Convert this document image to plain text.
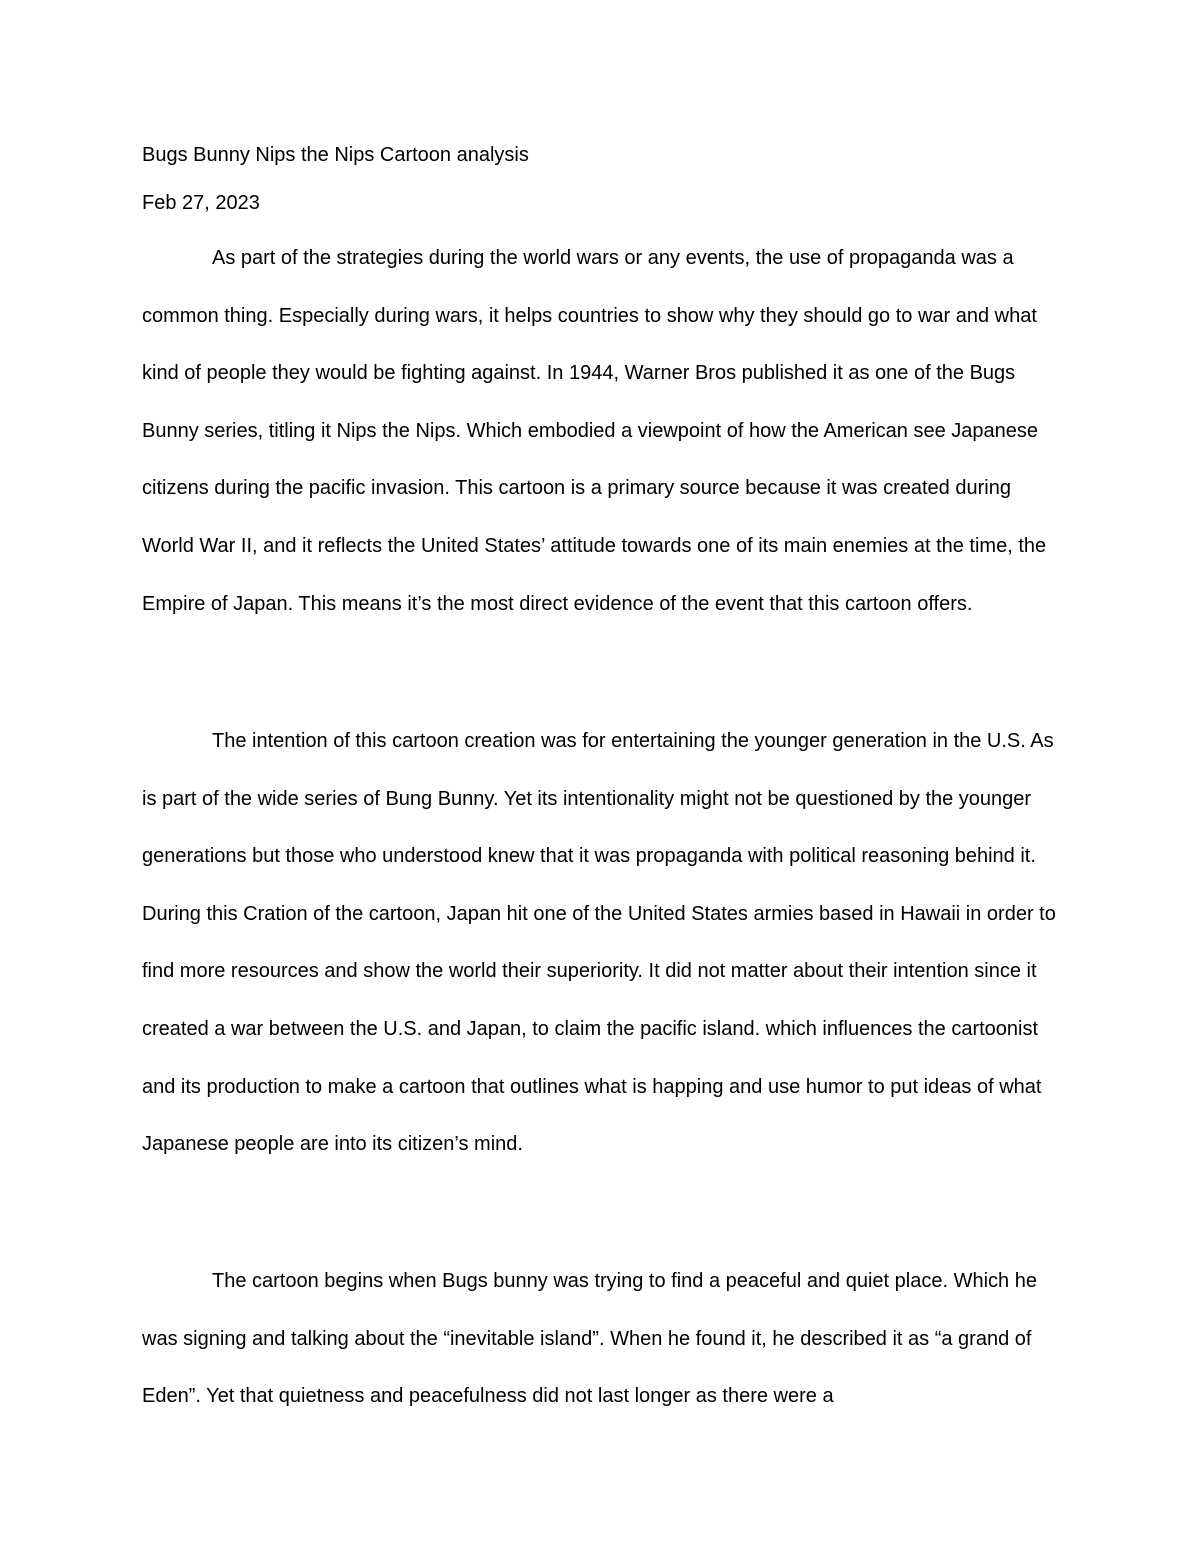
Bugs Bunny Nips the Nips Cartoon analysis
Feb 27, 2023

As part of the strategies during the world wars or any events, the use of propaganda was a common thing. Especially during wars, it helps countries to show why they should go to war and what kind of people they would be fighting against. In 1944, Warner Bros published it as one of the Bugs Bunny series, titling it Nips the Nips. Which embodied a viewpoint of how the American see Japanese citizens during the pacific invasion. This cartoon is a primary source because it was created during World War II, and it reflects the United States’ attitude towards one of its main enemies at the time, the Empire of Japan. This means it’s the most direct evidence of the event that this cartoon offers.

The intention of this cartoon creation was for entertaining the younger generation in the U.S. As is part of the wide series of Bung Bunny. Yet its intentionality might not be questioned by the younger generations but those who understood knew that it was propaganda with political reasoning behind it. During this Cration of the cartoon, Japan hit one of the United States armies based in Hawaii in order to find more resources and show the world their superiority. It did not matter about their intention since it created a war between the U.S. and Japan, to claim the pacific island. which influences the cartoonist and its production to make a cartoon that outlines what is happing and use humor to put ideas of what Japanese people are into its citizen’s mind.

The cartoon begins when Bugs bunny was trying to find a peaceful and quiet place. Which he was signing and talking about the “inevitable island”. When he found it, he described it as “a grand of Eden”. Yet that quietness and peacefulness did not last longer as there were a
